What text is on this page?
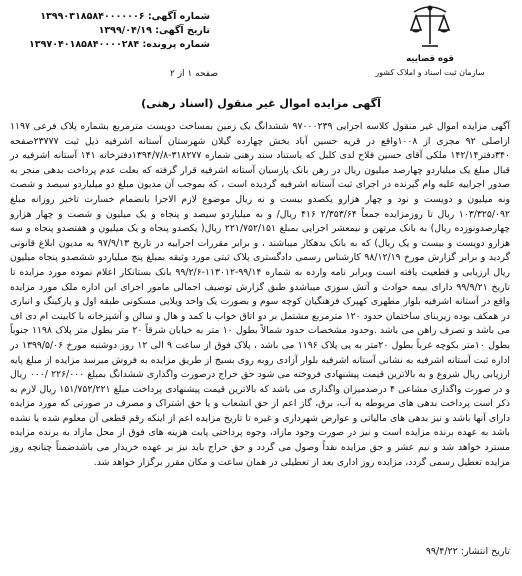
شماره آگهی: ۱۳۹۹۰۳۱۸۵۸۴۰۰۰۰۰۰۶
تاریخ آگهی: ۱۳۹۹/۰۴/۱۹
شماره پرونده: ۱۳۹۷۰۴۰۱۸۵۸۴۰۰۰۰۲۸۴
صفحه ۱ از ۲
قوه قضاییه
سازمان ثبت اسناد و املاک کشور
آگهی مزایده اموال غیر منقول (اسناد رهنی)

آگهی مزایده اموال غیر منقول کلاسه اجرایی ۹۷۰۰۰۲۳۹ ششدانگ یک زمین بمساحت دویست مترمربع بشماره پلاک فرعی ۱۱۹۷ ازاصلی ۹۲ مجزی از ۱۰۰۸واقع در قریه حسین آباد بخش چهارده گیلان شهرستان آستانه اشرفیه ذیل ثبت ۲۳۷۷۷صفحه ۳۴۰دفتر۱۴۲/۱۴ ملکی آقای حسین فلاح لدی کلبل که باستناد سند رهنی شماره ۳۱۸۲۷۷-۱۳۹۴/۷/۸دفترخانه ۱۴۱ آستانه اشرفیه در قبال مبلغ یک میلیاردو چهارصد میلیون ریال در رهن بانک پارسیان آستانه اشرفیه قرار گرفته که بعلت عدم پرداخت بدهی منجر به صدور اجراییه علیه وام گیرنده در اجرای ثبت آستانه اشرفیه گردیده است ، که بموجب آن مدیون مبلغ دو میلیاردو سیصد و شصت ونه میلیون و دویست و نود و چهار هزارو یکصدو بیست و نه ریال موضوع لازم الاجرا بانضمام خسارت تاخیر روزانه مبلغ ۱۰۳/۳۲۵/۰۹۲ ریال تا روزمزایده جمعاً ۲/۳۵۳/۶۴ ۴۱۶ ریال/ و به میلیاردو سیصد و پنجاه و یک میلیون و شصت و چهار هزارو چهارصدونوزده ریال) به بانک مرتهن و نیمعشر اجرایی بمبلغ ۲۲۱/۷۵۲/۱۵۱ ریال( یکصدو پنجاه و یک میلیون و هفتصدو پنجاه و سه هزارو دویست و بیست و یک ریال) که به بانک بدهکار میباشند ، و برابر مقررات اجراییه در تاریخ ۹۷/۹/۱۳ به مدیون ابلاغ قانونی گردید و برابر گزارش مورخ ۹۸/۱۲/۱۹ کارشناس رسمی دادگستری پلاک ثبتی مورد وثیقه بمبلغ پنج میلیاردو ششصدو پنجاه میلیون ریال ارزیابی و قطعیت یافته است وبرابر نامه وارده به شماره ۹۹/۱۴-۱۱۳۰۱۲-۹۹/۲/۶ بانک بستانکار اعلام نموده مورد مزایده تا تاریخ ۹۹/۹/۲۱ دارای بیمه حوادث و آتش سوزی میباشدو طبق گزارش توصیف اجمالی مامور اجرای این اداره ملک مورد مزایده واقع در آستانه اشرفیه بلوار مطهری کهپرک فرهنگیان کوچه سوم و بصورت یک واحد ویلایی مسکونی طبقه اول و پارکینگ و انباری در همکف بوده زیربنای ساختمان حدود ۱۲۰ مترمربع مشتمل بر دو اتاق خواب با کمد و هال و سالن و آشپزخانه با کابینت ام دی اف می باشد و تصرف راهن می باشد .وحدود مشخصات حدود شمالاً بطول ۱۰ متر به خیابان شرقاً ۲۰ متر بطول متر پلاک ۱۱۹۸ جنوباً بطول ۱۰متر بکوچه غرباً بطول ۲۰متر به پی پلاک ۱۱۹۶ می باشد ، پلاک فوق از ساعت ۹ الی ۱۲ روز دوشنبه مورخ ۱۳۹۹/۵/۰۶ در اداره ثبت آستانه اشرفیه به نشانی آستانه اشرفیه بلوار آزادی روبه روی بسیج از طریق مزایده به فروش میرسد مزایده از مبلغ پایه ارزیابی ریال شروع و به بالاترین قیمت پیشنهادی فروخته می شود حق حراج درصورت واگذاری ششدانگ بمبلغ ۲۲۶/۰۰۰ /۰۰۰ ریال و در صورت واگذاری مشاعی ۴ درصدمیزان واگذاری می باشد که بالاترین قیمت پیشنهادی پرداخت مبلغ ۱۵۱/۷۵۲/۲۲۱ ریال لازم به ذکر است پرداخت بدهی های مربوطه به آب، برق، گاز اعم از حق انشعاب و یا حق اشتراک و مصرف در صورتی که مورد مزایده دارای آنها باشد و نیز بدهی های مالیاتی و عوارض شهرداری و غیره تا تاریخ مزایده اعم از اینکه رقم قطعی آن معلوم شده یا نشده باشد به عهده برنده مزایده است و نیز در صورت وجود مازاد، وجوه پرداختی پابت هزینه های فوق از محل مازاد به برنده مزایده مسترد خواهد شد و نیم عشر و حق مزایده نقداً وصول می گردد و حق حراج باید نیز بر عهده خریدار می باشدضمناً چنانچه روز مزایده تعطیل رسمی گردد، مزایده روز اداری بعد از تعطیلی در همان ساعت و مکان مقرر برگزار خواهد شد.

تاریخ انتشار: ۹۹/۴/۲۲
